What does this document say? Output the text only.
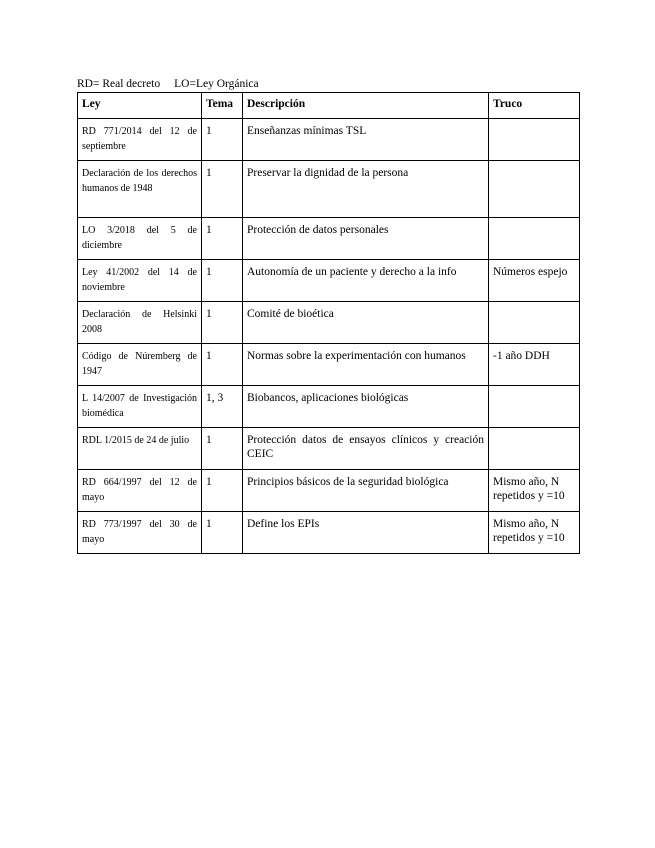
RD= Real decreto LO=Ley Orgánica
Ley	Tema	Descripción	Truco
RD 771/2014 del 12 de septiembre	1	Enseñanzas mínimas TSL	
Declaración de los derechos humanos de 1948	1	Preservar la dignidad de la persona	
LO 3/2018 del 5 de diciembre	1	Protección de datos personales	
Ley 41/2002 del 14 de noviembre	1	Autonomía de un paciente y derecho a la info	Números espejo
Declaración de Helsinki 2008	1	Comité de bioética	
Código de Núremberg de 1947	1	Normas sobre la experimentación con humanos	-1 año DDH
L 14/2007 de Investigación biomédica	1, 3	Biobancos, aplicaciones biológicas	
RDL 1/2015 de 24 de julio	1	Protección datos de ensayos clínicos y creación CEIC	
RD 664/1997 del 12 de mayo	1	Principios básicos de la seguridad biológica	Mismo año, N repetidos y =10
RD 773/1997 del 30 de mayo	1	Define los EPIs	Mismo año, N repetidos y =10
